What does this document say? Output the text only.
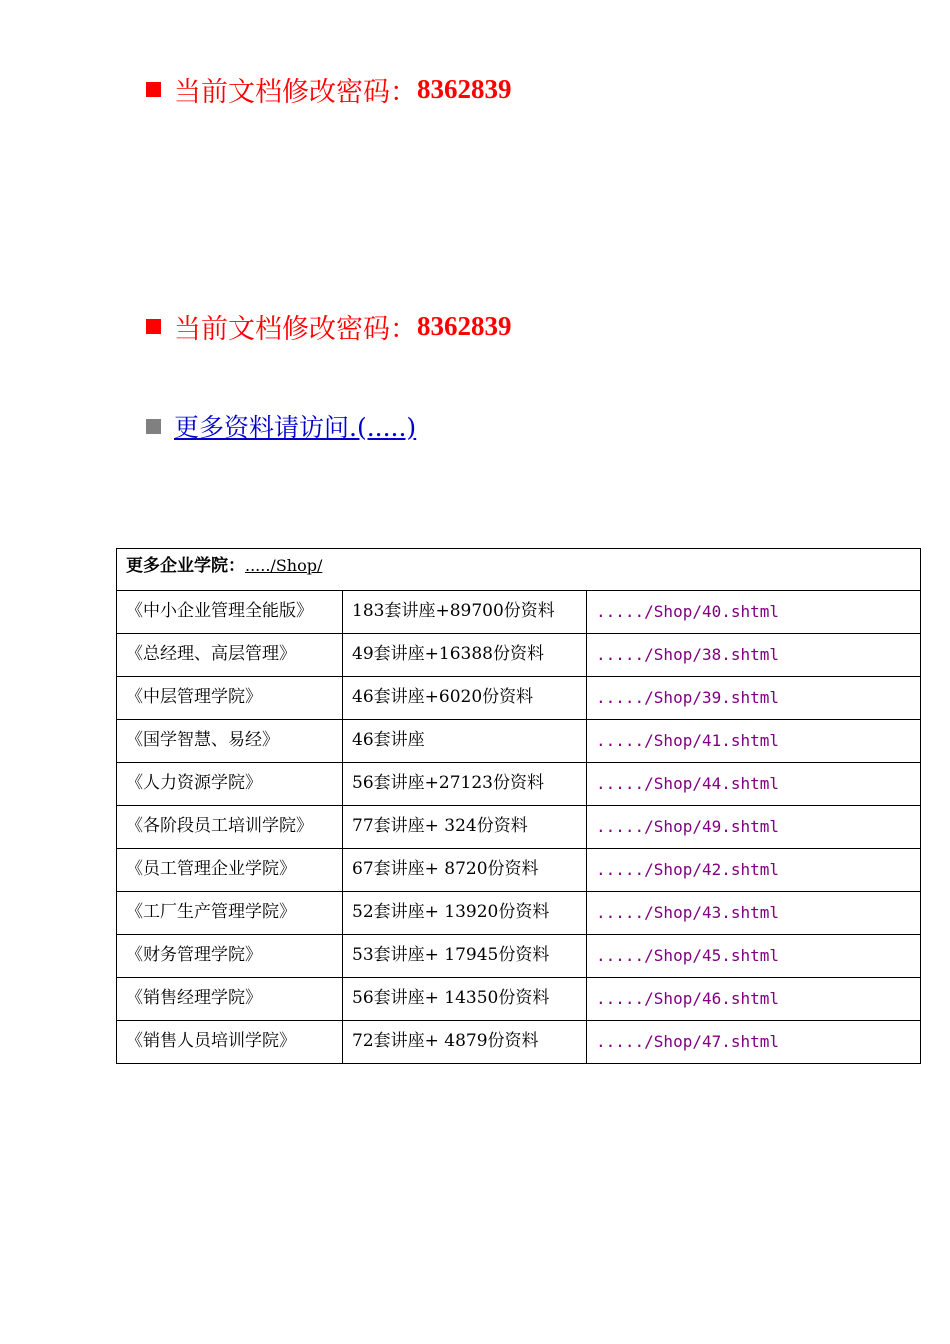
当前文档修改密码： 8362839
当前文档修改密码： 8362839
更多资料请访问.(.....)
更多企业学院：...../Shop/		
《中小企业管理全能版》	183套讲座+89700份资料	...../Shop/40.shtml
《总经理、高层管理》	49套讲座+16388份资料	...../Shop/38.shtml
《中层管理学院》	46套讲座+6020份资料	...../Shop/39.shtml
《国学智慧、易经》	46套讲座	...../Shop/41.shtml
《人力资源学院》	56套讲座+27123份资料	...../Shop/44.shtml
《各阶段员工培训学院》	77套讲座+ 324份资料	...../Shop/49.shtml
《员工管理企业学院》	67套讲座+ 8720份资料	...../Shop/42.shtml
《工厂生产管理学院》	52套讲座+ 13920份资料	...../Shop/43.shtml
《财务管理学院》	53套讲座+ 17945份资料	...../Shop/45.shtml
《销售经理学院》	56套讲座+ 14350份资料	...../Shop/46.shtml
《销售人员培训学院》	72套讲座+ 4879份资料	...../Shop/47.shtml
